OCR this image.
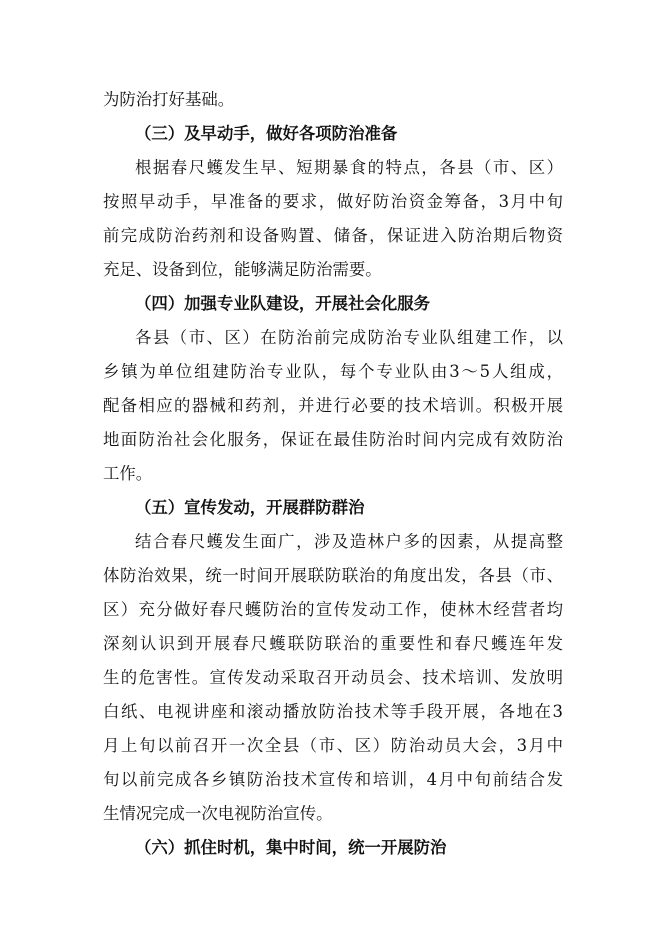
为防治打好基础。
（三）及早动手，做好各项防治准备
根据春尺蠖发生早、短期暴食的特点，各县（市、区）
按照早动手，早准备的要求，做好防治资金筹备，3月中旬
前完成防治药剂和设备购置、储备，保证进入防治期后物资
充足、设备到位，能够满足防治需要。
（四）加强专业队建设，开展社会化服务
各县（市、区）在防治前完成防治专业队组建工作，以
乡镇为单位组建防治专业队，每个专业队由3～5人组成，
配备相应的器械和药剂，并进行必要的技术培训。积极开展
地面防治社会化服务，保证在最佳防治时间内完成有效防治
工作。
（五）宣传发动，开展群防群治
结合春尺蠖发生面广，涉及造林户多的因素，从提高整
体防治效果，统一时间开展联防联治的角度出发，各县（市、
区）充分做好春尺蠖防治的宣传发动工作，使林木经营者均
深刻认识到开展春尺蠖联防联治的重要性和春尺蠖连年发
生的危害性。宣传发动采取召开动员会、技术培训、发放明
白纸、电视讲座和滚动播放防治技术等手段开展，各地在3
月上旬以前召开一次全县（市、区）防治动员大会，3月中
旬以前完成各乡镇防治技术宣传和培训，4月中旬前结合发
生情况完成一次电视防治宣传。
（六）抓住时机，集中时间，统一开展防治
